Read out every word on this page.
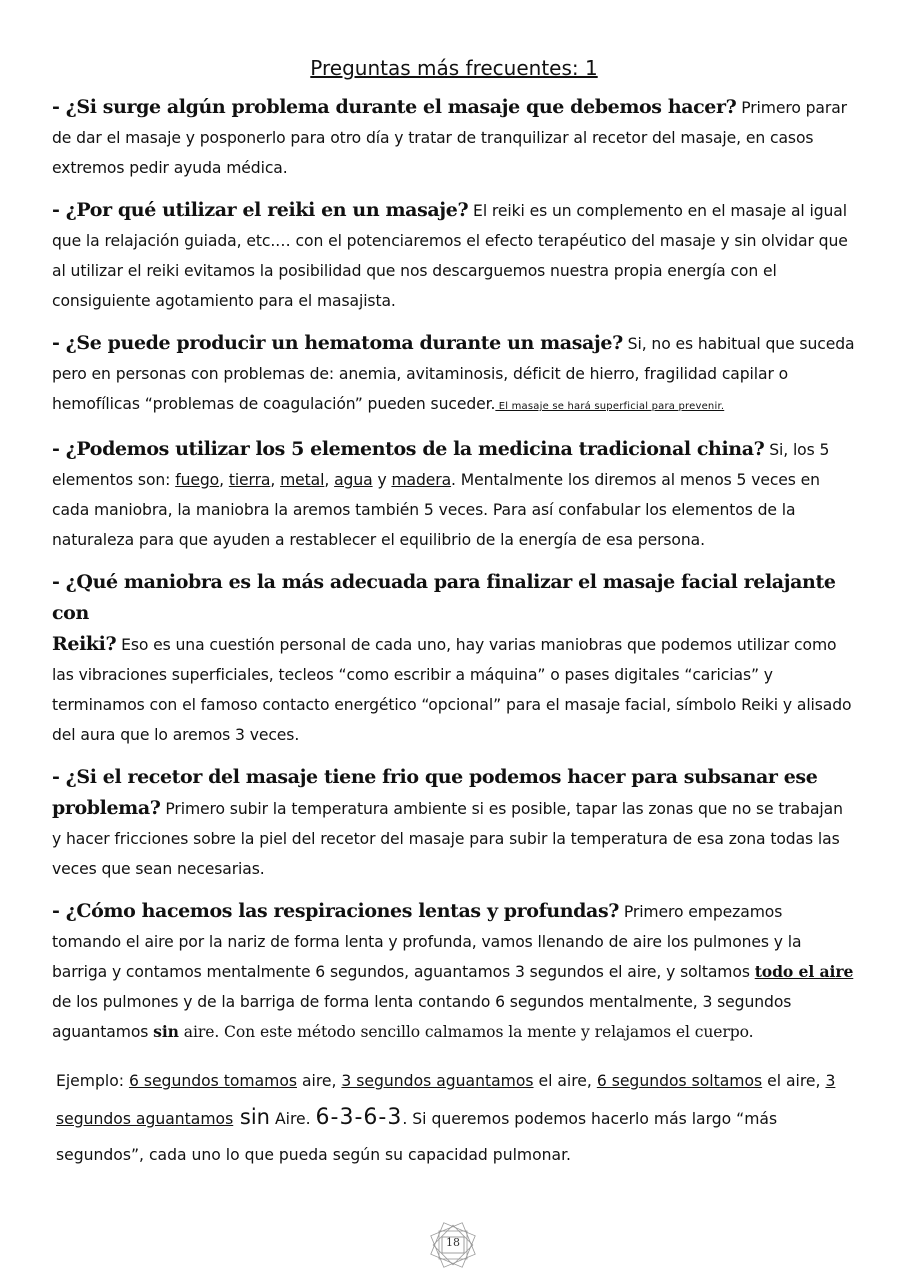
Preguntas más frecuentes: 1

- ¿Si surge algún problema durante el masaje que debemos hacer? Primero parar de dar el masaje y posponerlo para otro día y tratar de tranquilizar al recetor del masaje, en casos extremos pedir ayuda médica.

- ¿Por qué utilizar el reiki en un masaje? El reiki es un complemento en el masaje al igual que la relajación guiada, etc.… con el potenciaremos el efecto terapéutico del masaje y sin olvidar que al utilizar el reiki evitamos la posibilidad que nos descarguemos nuestra propia energía con el consiguiente agotamiento para el masajista.

- ¿Se puede producir un hematoma durante un masaje? Si, no es habitual que suceda pero en personas con problemas de: anemia, avitaminosis, déficit de hierro, fragilidad capilar o hemofílicas “problemas de coagulación” pueden suceder. El masaje se hará superficial para prevenir.

- ¿Podemos utilizar los 5 elementos de la medicina tradicional china? Si, los 5 elementos son: fuego, tierra, metal, agua y madera. Mentalmente los diremos al menos 5 veces en cada maniobra, la maniobra la aremos también 5 veces. Para así confabular los elementos de la naturaleza para que ayuden a restablecer el equilibrio de la energía de esa persona.

- ¿Qué maniobra es la más adecuada para finalizar el masaje facial relajante con
Reiki? Eso es una cuestión personal de cada uno, hay varias maniobras que podemos utilizar como las vibraciones superficiales, tecleos “como escribir a máquina” o pases digitales “caricias” y terminamos con el famoso contacto energético “opcional” para el masaje facial, símbolo Reiki y alisado del aura que lo aremos 3 veces.

- ¿Si el recetor del masaje tiene frio que podemos hacer para subsanar ese
problema? Primero subir la temperatura ambiente si es posible, tapar las zonas que no se trabajan y hacer fricciones sobre la piel del recetor del masaje para subir la temperatura de esa zona todas las veces que sean necesarias.

- ¿Cómo hacemos las respiraciones lentas y profundas? Primero empezamos tomando el aire por la nariz de forma lenta y profunda, vamos llenando de aire los pulmones y la barriga y contamos mentalmente 6 segundos, aguantamos 3 segundos el aire, y soltamos todo el aire de los pulmones y de la barriga de forma lenta contando 6 segundos mentalmente, 3 segundos aguantamos sin aire. Con este método sencillo calmamos la mente y relajamos el cuerpo.

Ejemplo: 6 segundos tomamos aire, 3 segundos aguantamos el aire, 6 segundos soltamos el aire, 3 segundos aguantamos sin Aire. 6-3-6-3. Si queremos podemos hacerlo más largo “más segundos”, cada uno lo que pueda según su capacidad pulmonar.

18
